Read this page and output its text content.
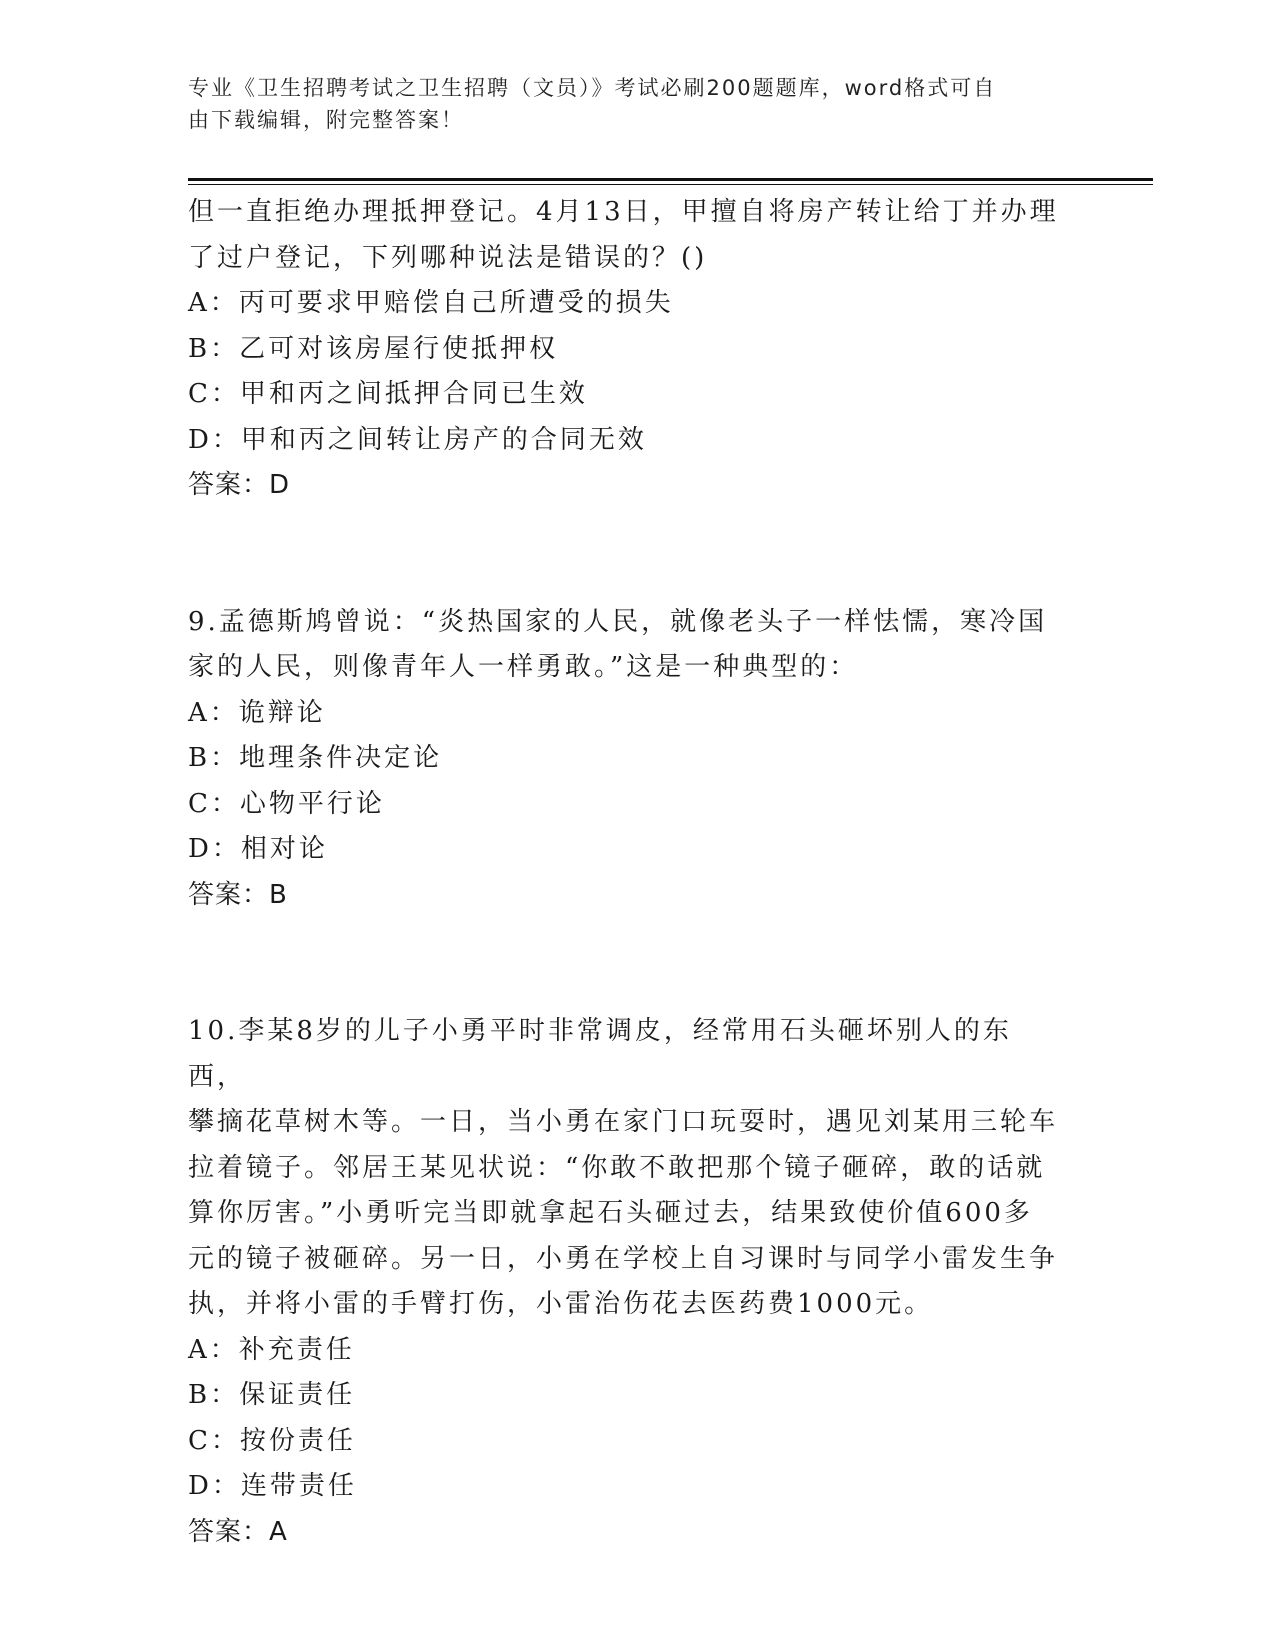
专业《卫生招聘考试之卫生招聘（文员）》考试必刷200题题库，word格式可自
由下载编辑，附完整答案！

但一直拒绝办理抵押登记。4月13日，甲擅自将房产转让给丁并办理

了过户登记，下列哪种说法是错误的？()

A：丙可要求甲赔偿自己所遭受的损失

B：乙可对该房屋行使抵押权

C：甲和丙之间抵押合同已生效

D：甲和丙之间转让房产的合同无效

答案：D

9.孟德斯鸠曾说：“炎热国家的人民，就像老头子一样怯懦，寒冷国

家的人民，则像青年人一样勇敢。”这是一种典型的：

A：诡辩论

B：地理条件决定论

C：心物平行论

D：相对论

答案：B

10.李某8岁的儿子小勇平时非常调皮，经常用石头砸坏别人的东西，

攀摘花草树木等。一日，当小勇在家门口玩耍时，遇见刘某用三轮车

拉着镜子。邻居王某见状说：“你敢不敢把那个镜子砸碎，敢的话就

算你厉害。”小勇听完当即就拿起石头砸过去，结果致使价值600多

元的镜子被砸碎。另一日，小勇在学校上自习课时与同学小雷发生争

执，并将小雷的手臂打伤，小雷治伤花去医药费1000元。

A：补充责任

B：保证责任

C：按份责任

D：连带责任

答案：A
